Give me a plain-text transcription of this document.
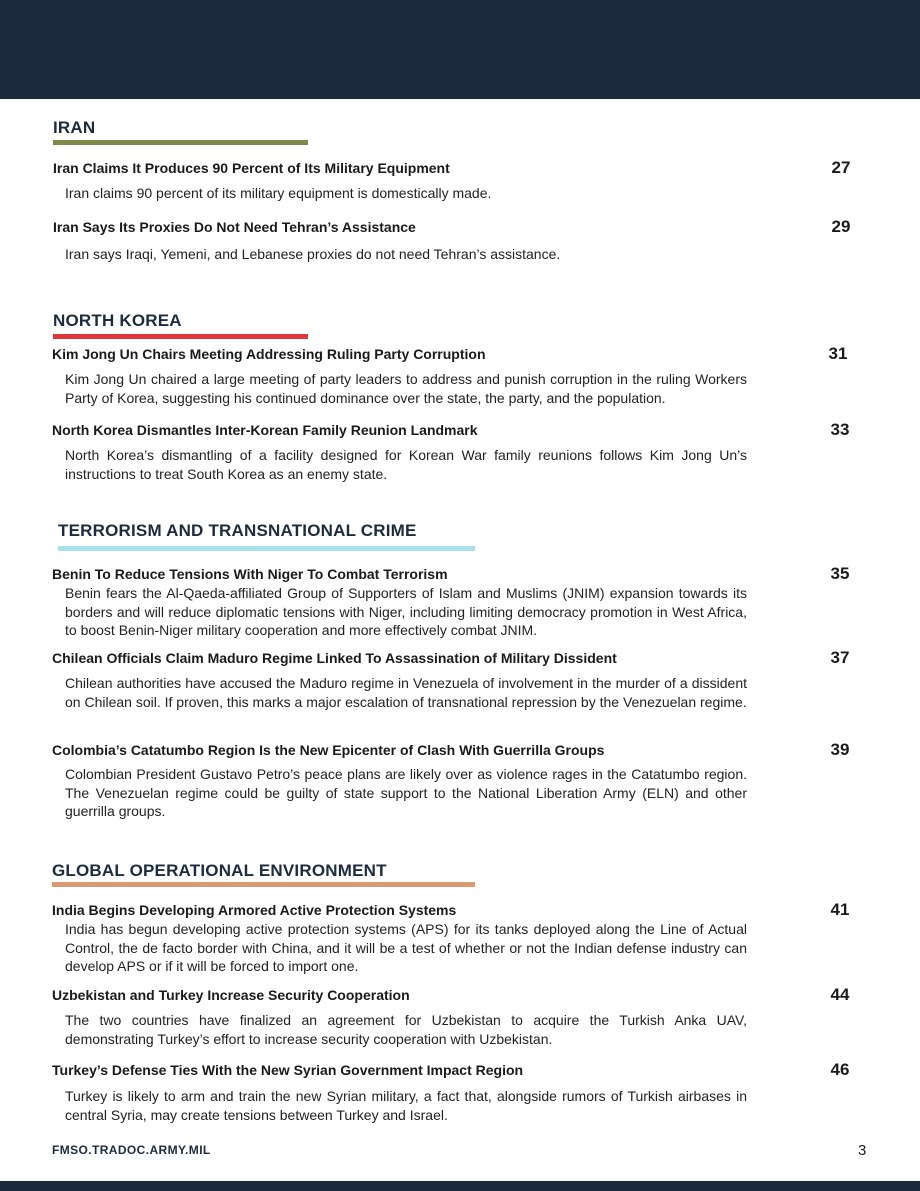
IRAN
Iran Claims It Produces 90 Percent of Its Military Equipment	27
Iran claims 90 percent of its military equipment is domestically made.
Iran Says Its Proxies Do Not Need Tehran’s Assistance	29
Iran says Iraqi, Yemeni, and Lebanese proxies do not need Tehran’s assistance.
NORTH KOREA
Kim Jong Un Chairs Meeting Addressing Ruling Party Corruption	31
Kim Jong Un chaired a large meeting of party leaders to address and punish corruption in the ruling Workers Party of Korea, suggesting his continued dominance over the state, the party, and the population.
North Korea Dismantles Inter-Korean Family Reunion Landmark	33
North Korea’s dismantling of a facility designed for Korean War family reunions follows Kim Jong Un’s instructions to treat South Korea as an enemy state.
TERRORISM AND TRANSNATIONAL CRIME
Benin To Reduce Tensions With Niger To Combat Terrorism	35
Benin fears the Al-Qaeda-affiliated Group of Supporters of Islam and Muslims (JNIM) expansion towards its borders and will reduce diplomatic tensions with Niger, including limiting democracy promotion in West Africa, to boost Benin-Niger military cooperation and more effectively combat JNIM.
Chilean Officials Claim Maduro Regime Linked To Assassination of Military Dissident	37
Chilean authorities have accused the Maduro regime in Venezuela of involvement in the murder of a dissident on Chilean soil. If proven, this marks a major escalation of transnational repression by the Venezuelan regime.
Colombia’s Catatumbo Region Is the New Epicenter of Clash With Guerrilla Groups	39
Colombian President Gustavo Petro’s peace plans are likely over as violence rages in the Catatumbo region. The Venezuelan regime could be guilty of state support to the National Liberation Army (ELN) and other guerrilla groups.
GLOBAL OPERATIONAL ENVIRONMENT
India Begins Developing Armored Active Protection Systems	41
India has begun developing active protection systems (APS) for its tanks deployed along the Line of Actual Control, the de facto border with China, and it will be a test of whether or not the Indian defense industry can develop APS or if it will be forced to import one.
Uzbekistan and Turkey Increase Security Cooperation	44
The two countries have finalized an agreement for Uzbekistan to acquire the Turkish Anka UAV, demonstrating Turkey’s effort to increase security cooperation with Uzbekistan.
Turkey’s Defense Ties With the New Syrian Government Impact Region	46
Turkey is likely to arm and train the new Syrian military, a fact that, alongside rumors of Turkish airbases in central Syria, may create tensions between Turkey and Israel.
FMSO.TRADOC.ARMY.MIL	3
